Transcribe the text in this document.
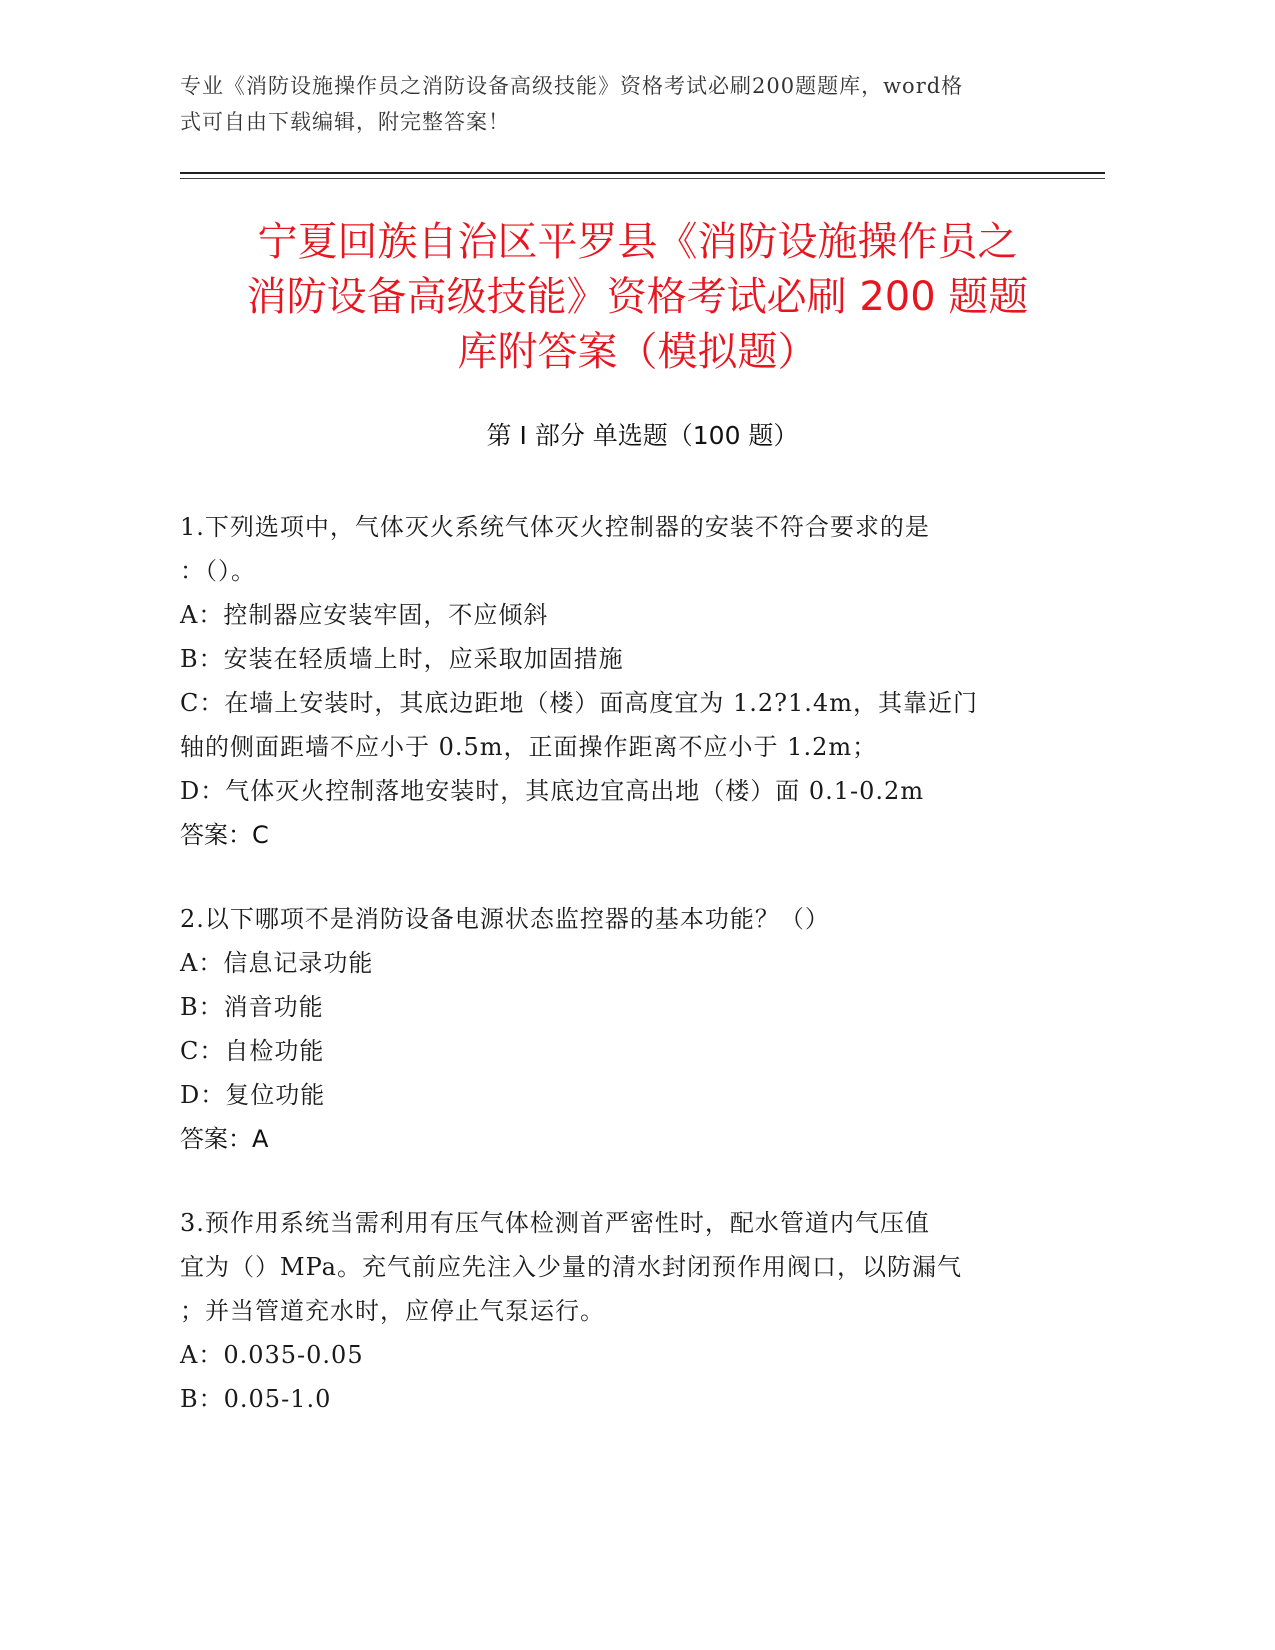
专业《消防设施操作员之消防设备高级技能》资格考试必刷200题题库，word格
式可自由下载编辑，附完整答案！
宁夏回族自治区平罗县《消防设施操作员之
消防设备高级技能》资格考试必刷 200 题题
库附答案（模拟题）
第 I 部分 单选题（100 题）
1.下列选项中，气体灭火系统气体灭火控制器的安装不符合要求的是
：（）。
A：控制器应安装牢固，不应倾斜
B：安装在轻质墙上时，应采取加固措施
C：在墙上安装时，其底边距地（楼）面高度宜为 1.2?1.4m，其靠近门
轴的侧面距墙不应小于 0.5m，正面操作距离不应小于 1.2m；
D：气体灭火控制落地安装时，其底边宜高出地（楼）面 0.1-0.2m
答案：C
2.以下哪项不是消防设备电源状态监控器的基本功能？（）
A：信息记录功能
B：消音功能
C：自检功能
D：复位功能
答案：A
3.预作用系统当需利用有压气体检测首严密性时，配水管道内气压值
宜为（）MPa。充气前应先注入少量的清水封闭预作用阀口，以防漏气
；并当管道充水时，应停止气泵运行。
A：0.035-0.05
B：0.05-1.0
